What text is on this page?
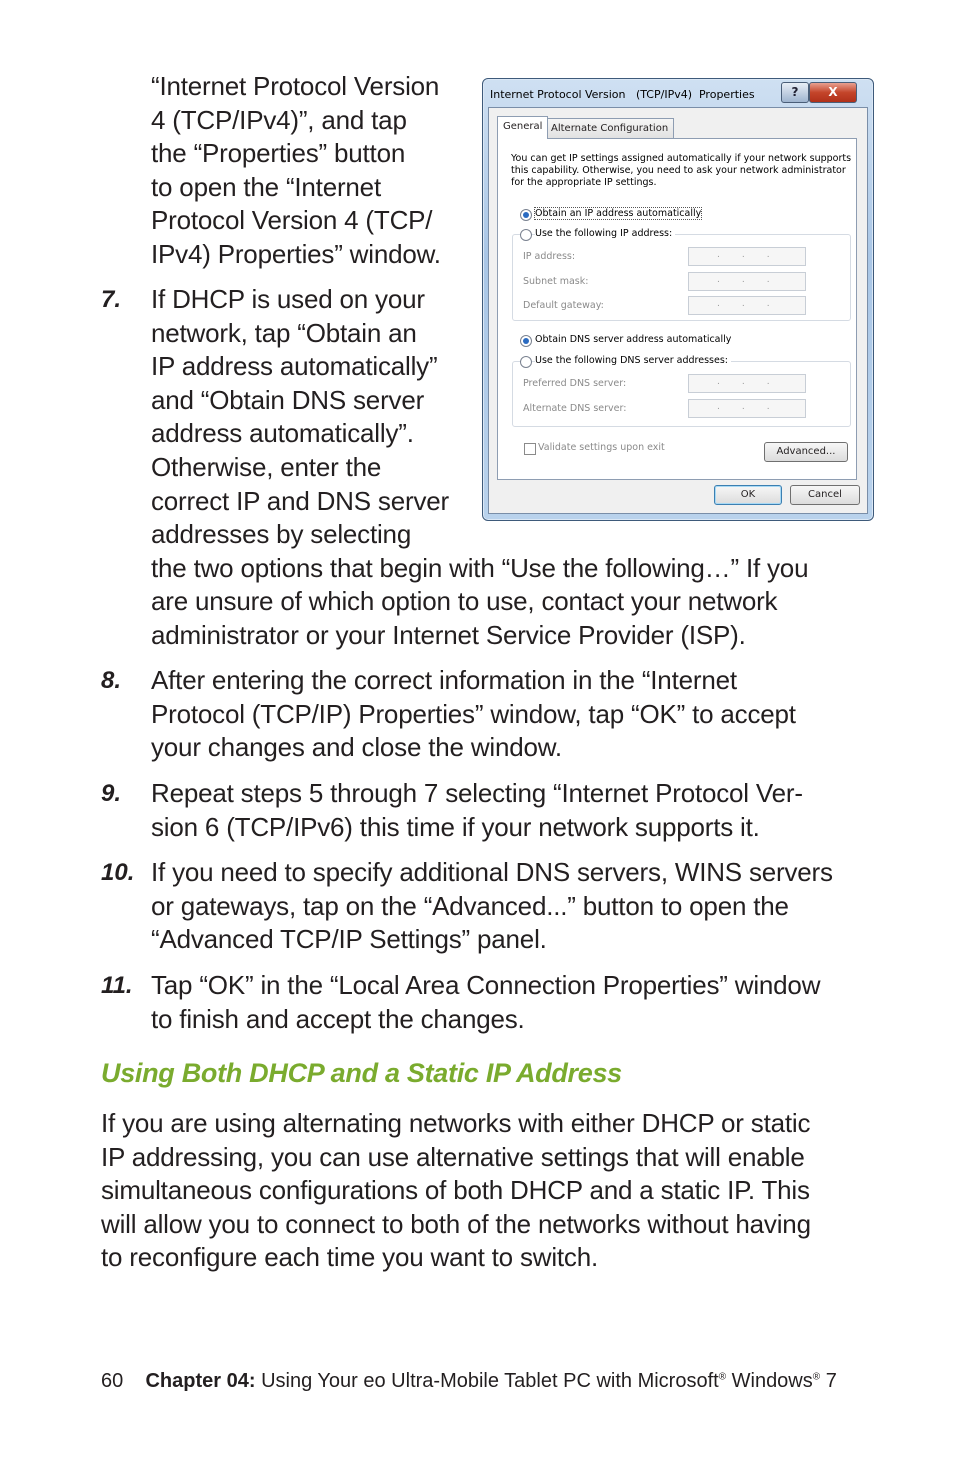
“Internet Protocol Version
4 (TCP/IPv4)”, and tap
the “Properties” button
to open the “Internet
Protocol Version 4 (TCP/
IPv4) Properties” window.
7. If DHCP is used on your
network, tap “Obtain an
IP address automatically”
and “Obtain DNS server
address automatically”.
Otherwise, enter the
correct IP and DNS server
addresses by selecting
the two options that begin with “Use the following…” If you
are unsure of which option to use, contact your network
administrator or your Internet Service Provider (ISP).
8. After entering the correct information in the “Internet
Protocol (TCP/IP) Properties” window, tap “OK” to accept
your changes and close the window.
9. Repeat steps 5 through 7 selecting “Internet Protocol Ver-
sion 6 (TCP/IPv6) this time if your network supports it.
10. If you need to specify additional DNS servers, WINS servers
or gateways, tap on the “Advanced...” button to open the
“Advanced TCP/IP Settings” panel.
11. Tap “OK” in the “Local Area Connection Properties” window
to finish and accept the changes.
Using Both DHCP and a Static IP Address
If you are using alternating networks with either DHCP or static
IP addressing, you can use alternative settings that will enable
simultaneous configurations of both DHCP and a static IP. This
will allow you to connect to both of the networks without having
to reconfigure each time you want to switch.
60 Chapter 04: Using Your eo Ultra-Mobile Tablet PC with Microsoft® Windows® 7
Internet Protocol Version   (TCP/IPv4)  Properties	?	X
General Alternate Configuration
You can get IP settings assigned automatically if your network supports
this capability. Otherwise, you need to ask your network administrator
for the appropriate IP settings.
Obtain an IP address automatically
Use the following IP address:
IP address:	...
Subnet mask:	...
Default gateway:	...
Obtain DNS server address automatically
Use the following DNS server addresses:
Preferred DNS server:	...
Alternate DNS server:	...
Validate settings upon exit	Advanced...
OK	Cancel
